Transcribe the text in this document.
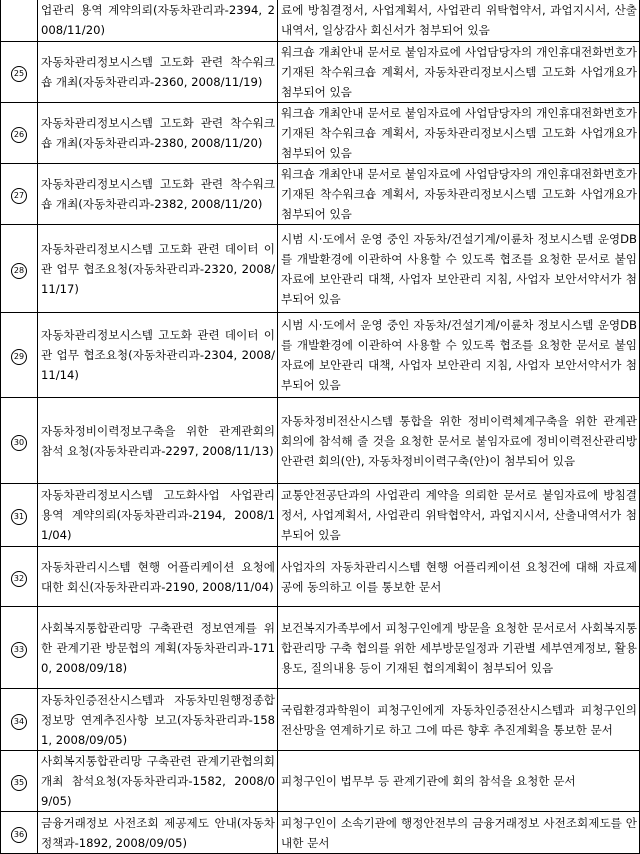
	업관리 용역 계약의뢰(자동차관리과-2394, 2008/11/20)	료에 방침결정서, 사업계획서, 사업관리 위탁협약서, 과업지시서, 산출내역서, 일상감사 회신서가 첨부되어 있음
25	자동차관리정보시스템 고도화 관련 착수워크숍 개최(자동차관리과-2360, 2008/11/19)	워크숍 개최안내 문서로 붙임자료에 사업담당자의 개인휴대전화번호가 기재된 착수워크숍 계획서, 자동차관리정보시스템 고도화 사업개요가 첨부되어 있음
26	자동차관리정보시스템 고도화 관련 착수워크숍 개최(자동차관리과-2380, 2008/11/20)	워크숍 개최안내 문서로 붙임자료에 사업담당자의 개인휴대전화번호가 기재된 착수워크숍 계획서, 자동차관리정보시스템 고도화 사업개요가 첨부되어 있음
27	자동차관리정보시스템 고도화 관련 착수워크숍 개최(자동차관리과-2382, 2008/11/20)	워크숍 개최안내 문서로 붙임자료에 사업담당자의 개인휴대전화번호가 기재된 착수워크숍 계획서, 자동차관리정보시스템 고도화 사업개요가 첨부되어 있음
28	자동차관리정보시스템 고도화 관련 데이터 이관 업무 협조요청(자동차관리과-2320, 2008/11/17)	시범 시·도에서 운영 중인 자동차/건설기계/이륜차 정보시스템 운영DB를 개발환경에 이관하여 사용할 수 있도록 협조를 요청한 문서로 붙임자료에 보안관리 대책, 사업자 보안관리 지침, 사업자 보안서약서가 첨부되어 있음
29	자동차관리정보시스템 고도화 관련 데이터 이관 업무 협조요청(자동차관리과-2304, 2008/11/14)	시범 시·도에서 운영 중인 자동차/건설기계/이륜차 정보시스템 운영DB를 개발환경에 이관하여 사용할 수 있도록 협조를 요청한 문서로 붙임자료에 보안관리 대책, 사업자 보안관리 지침, 사업자 보안서약서가 첨부되어 있음
30	자동차정비이력정보구축을 위한 관계관회의 참석 요청(자동차관리과-2297, 2008/11/13)	자동차정비전산시스템 통합을 위한 정비이력체계구축을 위한 관계관 회의에 참석해 줄 것을 요청한 문서로 붙임자료에 정비이력전산관리방안관련 회의(안), 자동차정비이력구축(안)이 첨부되어 있음
31	자동차관리정보시스템 고도화사업 사업관리 용역 계약의뢰(자동차관리과-2194, 2008/11/04)	교통안전공단과의 사업관리 계약을 의뢰한 문서로 붙임자료에 방침결정서, 사업계획서, 사업관리 위탁협약서, 과업지시서, 산출내역서가 첨부되어 있음
32	자동차관리시스템 현행 어플리케이션 요청에 대한 회신(자동차관리과-2190, 2008/11/04)	사업자의 자동차관리시스템 현행 어플리케이션 요청건에 대해 자료제공에 동의하고 이를 통보한 문서
33	사회복지통합관리망 구축관련 정보연계를 위한 관계기관 방문협의 계획(자동차관리과-1710, 2008/09/18)	보건복지가족부에서 피청구인에게 방문을 요청한 문서로서 사회복지통합관리망 구축 협의를 위한 세부방문일정과 기관별 세부연계정보, 활용용도, 질의내용 등이 기재된 협의계획이 첨부되어 있음
34	자동차인증전산시스템과 자동차민원행정종합정보망 연계추진사항 보고(자동차관리과-1581, 2008/09/05)	국립환경과학원이 피청구인에게 자동차인증전산시스템과 피청구인의 전산망을 연계하기로 하고 그에 따른 향후 추진계획을 통보한 문서
35	사회복지통합관리망 구축관련 관계기관협의회 개최 참석요청(자동차관리과-1582, 2008/09/05)	피청구인이 법무부 등 관계기관에 회의 참석을 요청한 문서
36	금융거래정보 사전조회 제공제도 안내(자동차정책과-1892, 2008/09/05)	피청구인이 소속기관에 행정안전부의 금융거래정보 사전조회제도를 안내한 문서
